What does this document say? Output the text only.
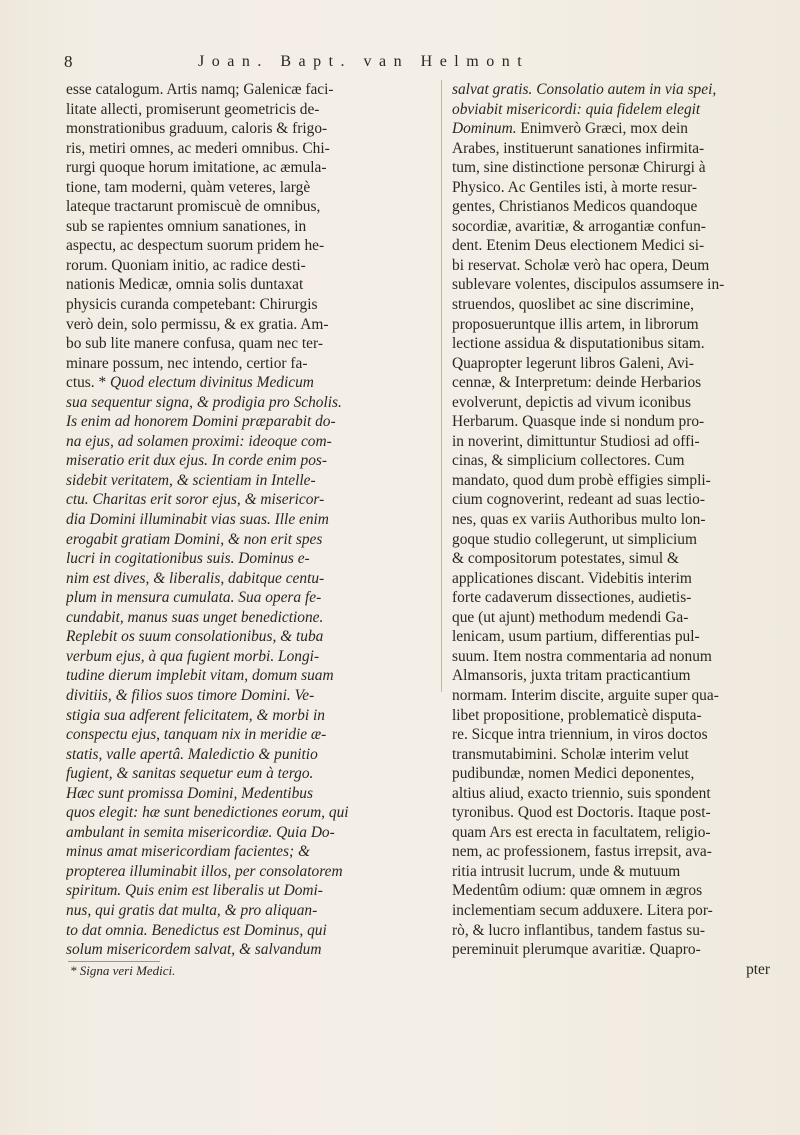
8	Joan. Bapt. van Helmont
esse catalogum. Artis namq; Galenicæ faci-
litate allecti, promiserunt geometricis de-
monstrationibus graduum, caloris & frigo-
ris, metiri omnes, ac mederi omnibus. Chi-
rurgi quoque horum imitatione, ac æmula-
tione, tam moderni, quàm veteres, largè
lateque tractarunt promiscuè de omnibus,
sub se rapientes omnium sanationes, in
aspectu, ac despectum suorum pridem he-
rorum. Quoniam initio, ac radice desti-
nationis Medicæ, omnia solis duntaxat
physicis curanda competebant: Chirurgis
verò dein, solo permissu, & ex gratia. Am-
bo sub lite manere confusa, quam nec ter-
minare possum, nec intendo, certior fa-
ctus. * Quod electum divinitus Medicum
sua sequentur signa, & prodigia pro Scholis.
Is enim ad honorem Domini præparabit do-
na ejus, ad solamen proximi: ideoque com-
miseratio erit dux ejus. In corde enim pos-
sidebit veritatem, & scientiam in Intelle-
ctu. Charitas erit soror ejus, & misericor-
dia Domini illuminabit vias suas. Ille enim
erogabit gratiam Domini, & non erit spes
lucri in cogitationibus suis. Dominus e-
nim est dives, & liberalis, dabitque centu-
plum in mensura cumulata. Sua opera fe-
cundabit, manus suas unget benedictione.
Replebit os suum consolationibus, & tuba
verbum ejus, à qua fugient morbi. Longi-
tudine dierum implebit vitam, domum suam
divitiis, & filios suos timore Domini. Ve-
stigia sua adferent felicitatem, & morbi in
conspectu ejus, tanquam nix in meridie æ-
statis, valle apertâ. Maledictio & punitio
fugient, & sanitas sequetur eum à tergo.
Hæc sunt promissa Domini, Medentibus
quos elegit: hæ sunt benedictiones eorum, qui
ambulant in semita misericordiæ. Quia Do-
minus amat misericordiam facientes; &
propterea illuminabit illos, per consolatorem
spiritum. Quis enim est liberalis ut Domi-
nus, qui gratis dat multa, & pro aliquan-
to dat omnia. Benedictus est Dominus, qui
solum misericordem salvat, & salvandum
* Signa veri Medici.
salvat gratis. Consolatio autem in via spei,
obviabit misericordi: quia fidelem elegit
Dominum. Enimverò Græci, mox dein
Arabes, instituerunt sanationes infirmita-
tum, sine distinctione personæ Chirurgi à
Physico. Ac Gentiles isti, à morte resur-
gentes, Christianos Medicos quandoque
socordiæ, avaritiæ, & arrogantiæ confun-
dent. Etenim Deus electionem Medici si-
bi reservat. Scholæ verò hac opera, Deum
sublevare volentes, discipulos assumsere in-
struendos, quoslibet ac sine discrimine,
proposueruntque illis artem, in librorum
lectione assidua & disputationibus sitam.
Quapropter legerunt libros Galeni, Avi-
cennæ, & Interpretum: deinde Herbarios
evolverunt, depictis ad vivum iconibus
Herbarum. Quasque inde si nondum pro-
in noverint, dimittuntur Studiosi ad offi-
cinas, & simplicium collectores. Cum
mandato, quod dum probè effigies simpli-
cium cognoverint, redeant ad suas lectio-
nes, quas ex variis Authoribus multo lon-
goque studio collegerunt, ut simplicium
& compositorum potestates, simul &
applicationes discant. Videbitis interim
forte cadaverum dissectiones, audietis-
que (ut ajunt) methodum medendi Ga-
lenicam, usum partium, differentias pul-
suum. Item nostra commentaria ad nonum
Almansoris, juxta tritam practicantium
normam. Interim discite, arguite super qua-
libet propositione, problematicè disputa-
re. Sicque intra triennium, in viros doctos
transmutabimini. Scholæ interim velut
pudibundæ, nomen Medici deponentes,
altius aliud, exacto triennio, suis spondent
tyronibus. Quod est Doctoris. Itaque post-
quam Ars est erecta in facultatem, religio-
nem, ac professionem, fastus irrepsit, ava-
ritia intrusit lucrum, unde & mutuum
Medentûm odium: quæ omnem in ægros
inclementiam secum adduxere. Litera por-
rò, & lucro inflantibus, tandem fastus su-
pereminuit plerumque avaritiæ. Quapro-
pter
